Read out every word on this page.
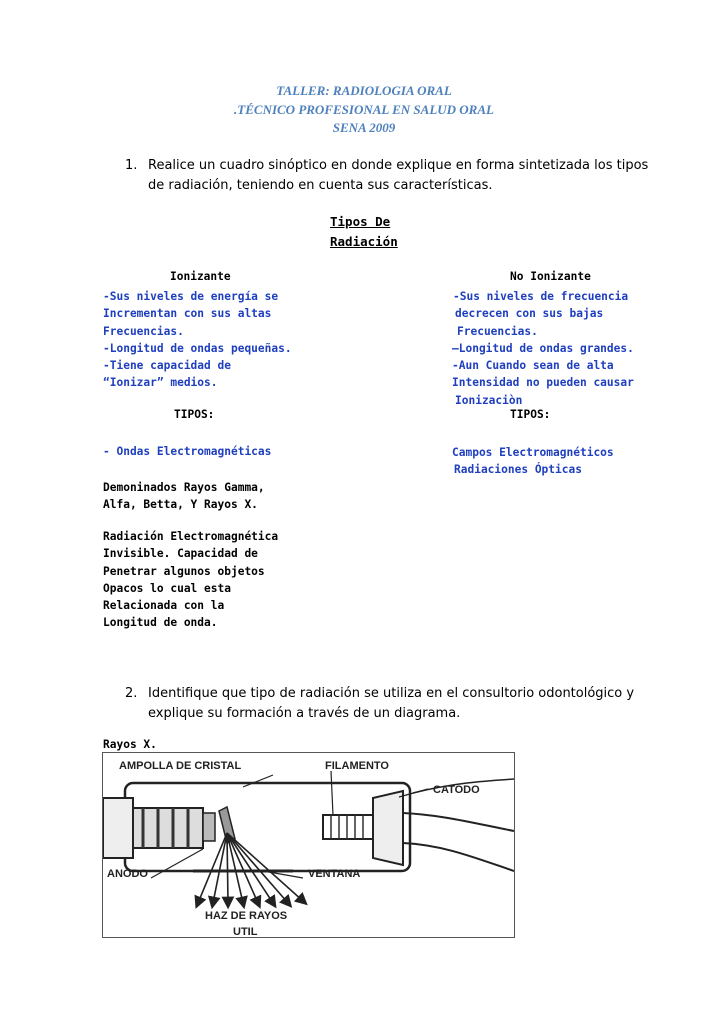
TALLER: RADIOLOGIA ORAL
.TÉCNICO PROFESIONAL EN SALUD ORAL
SENA 2009
1. Realice un cuadro sinóptico en donde explique en forma sintetizada los tipos
de radiación, teniendo en cuenta sus características.
Tipos De
Radiación
Ionizante
-Sus niveles de energía se
Incrementan con sus altas
Frecuencias.
-Longitud de ondas pequeñas.
-Tiene capacidad de
“Ionizar” medios.
TIPOS:
- Ondas Electromagnéticas
Demoninados Rayos Gamma,
Alfa, Betta, Y Rayos X.
Radiación Electromagnética
Invisible. Capacidad de
Penetrar algunos objetos
Opacos lo cual esta
Relacionada con la
Longitud de onda.
No Ionizante
-Sus niveles de frecuencia
decrecen con sus bajas
Frecuencias.
–Longitud de ondas grandes.
-Aun Cuando sean de alta
Intensidad no pueden causar
Ionizaciòn
TIPOS:
Campos Electromagnéticos
Radiaciones Ópticas
2. Identifique que tipo de radiación se utiliza en el consultorio odontológico y
explique su formación a través de un diagrama.
Rayos X.
AMPOLLA DE CRISTAL	FILAMENTO
CATODO
ANODO	VENTANA
HAZ DE RAYOS
UTIL
